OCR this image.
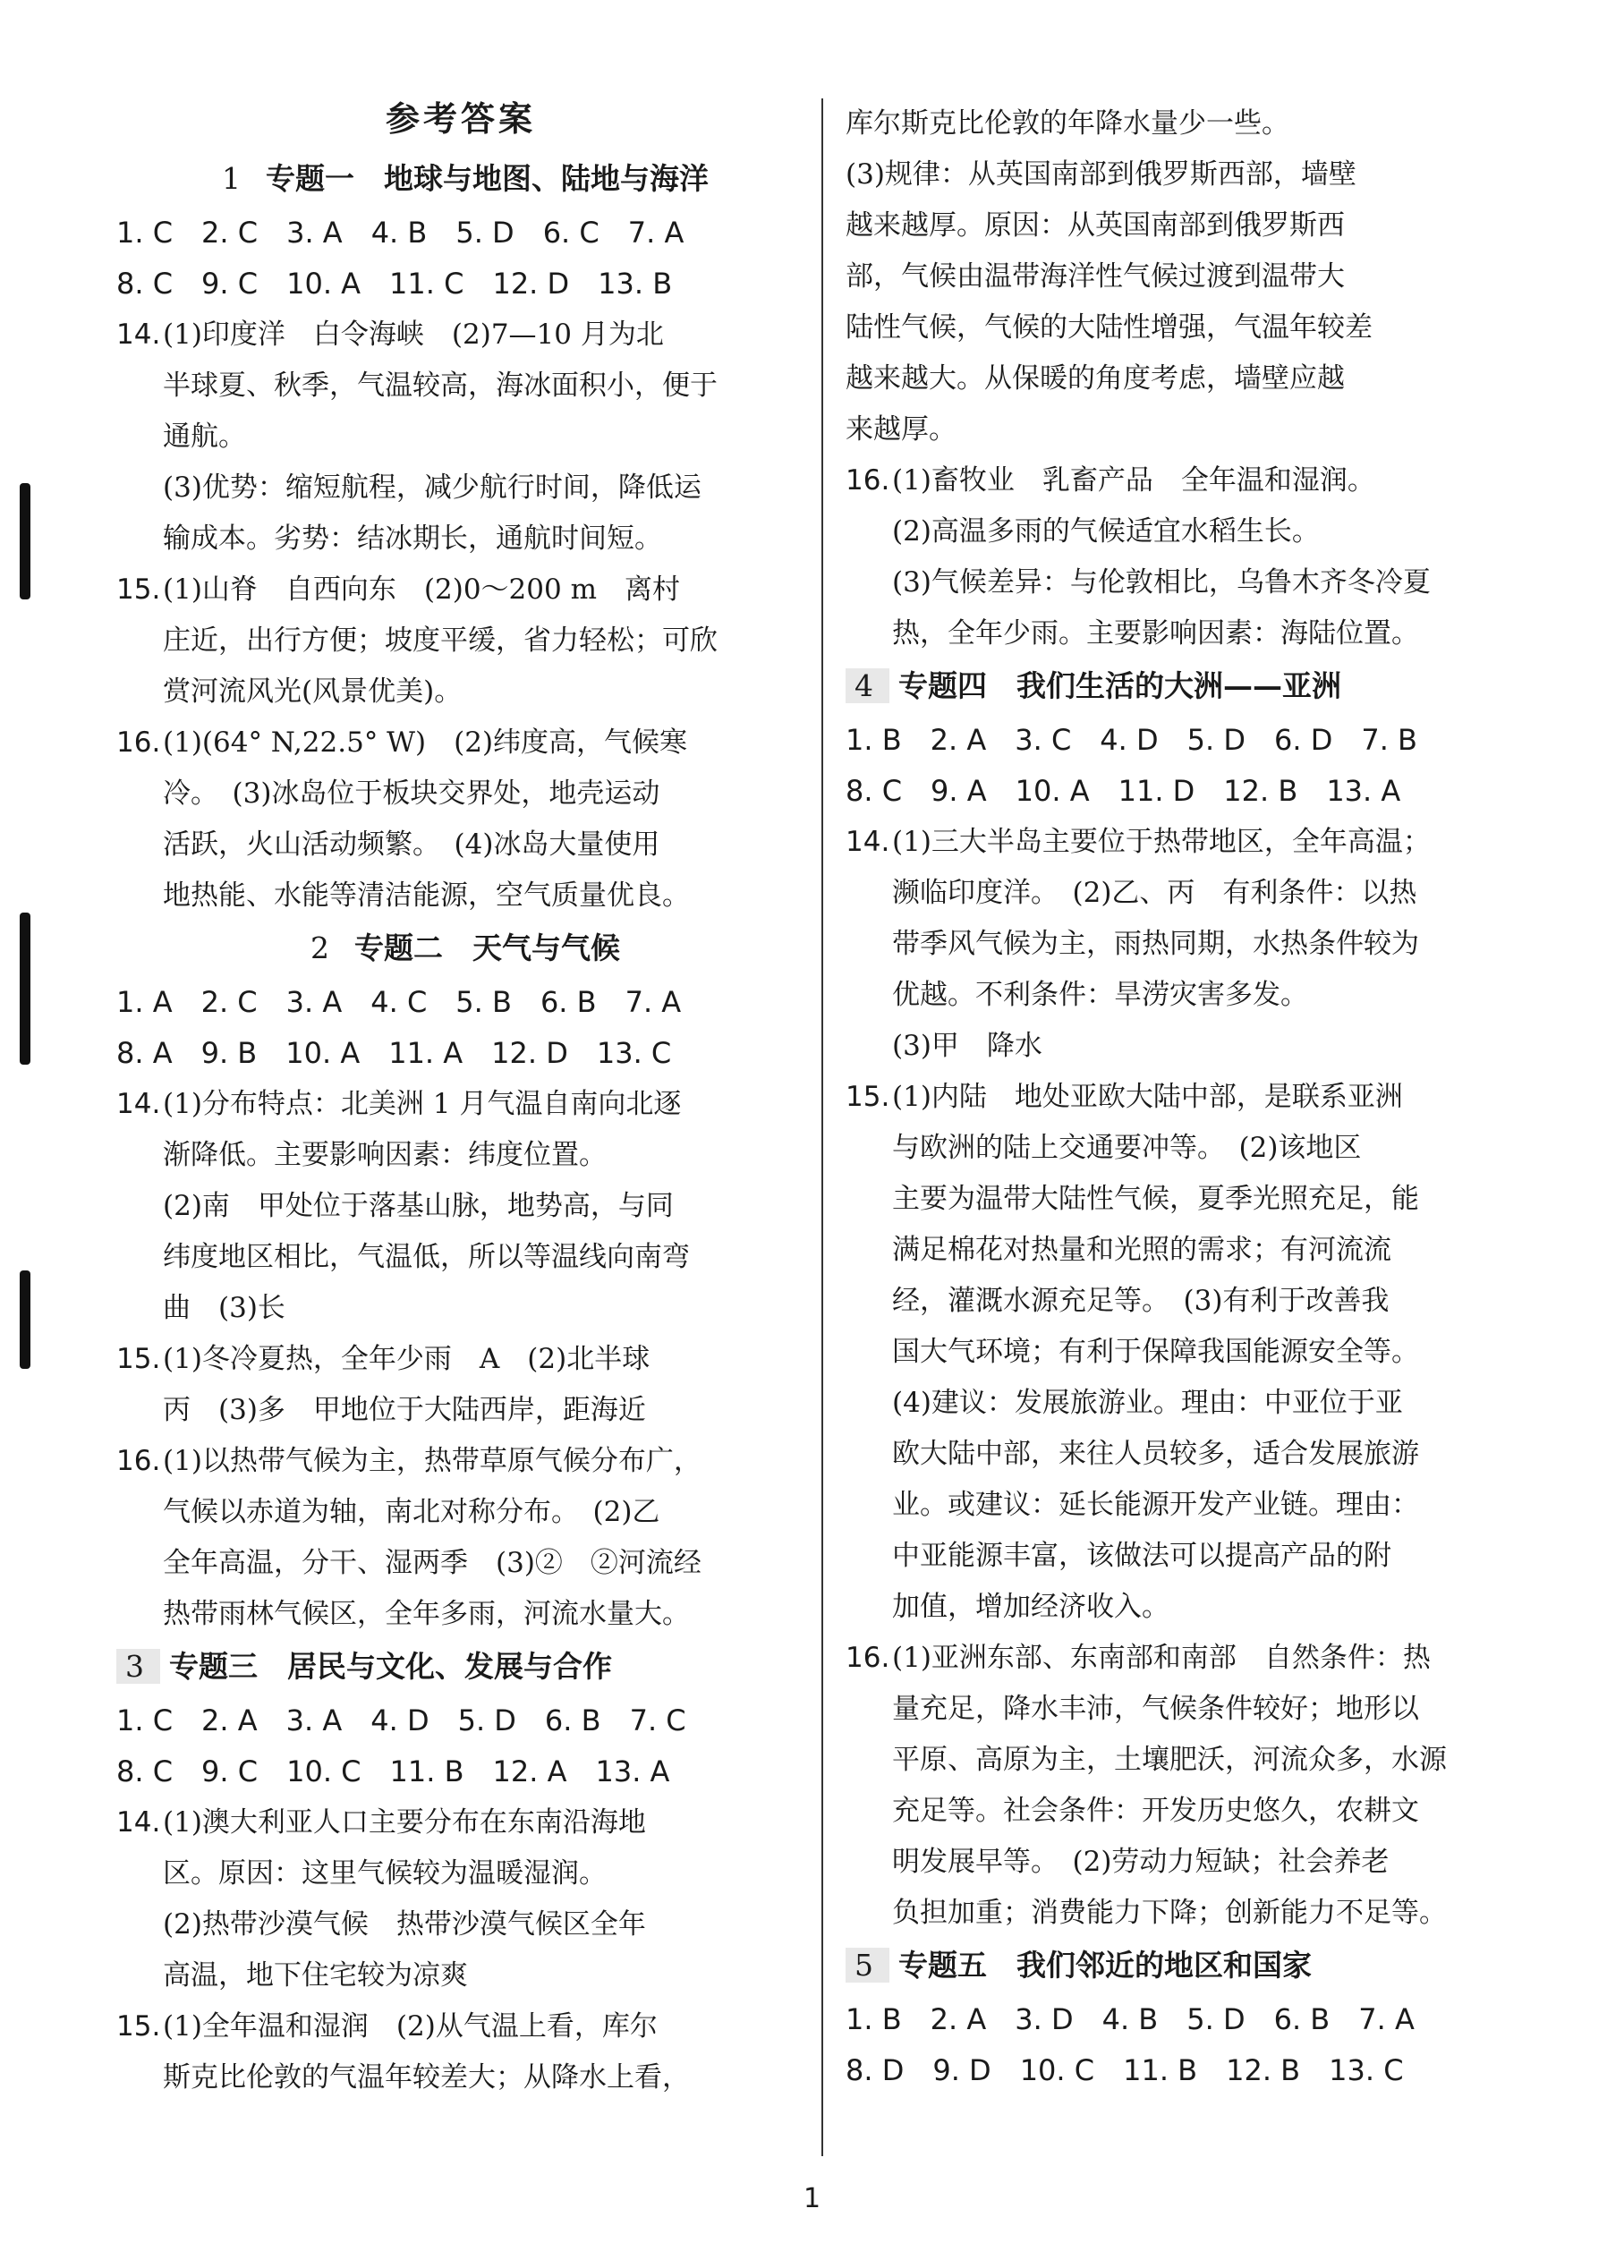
参考答案
1 专题一　地球与地图、陆地与海洋
1. C　2. C　3. A　4. B　5. D　6. C　7. A
8. C　9. C　10. A　11. C　12. D　13. B
14. (1)印度洋　白令海峡　(2)7—10 月为北
半球夏、秋季，气温较高，海冰面积小，便于
通航。
(3)优势：缩短航程，减少航行时间，降低运
输成本。劣势：结冰期长，通航时间短。
15. (1)山脊　自西向东　(2)0～200 m　离村
庄近，出行方便；坡度平缓，省力轻松；可欣
赏河流风光(风景优美)。
16. (1)(64° N,22.5° W)　(2)纬度高，气候寒
冷。　(3)冰岛位于板块交界处，地壳运动
活跃，火山活动频繁。　(4)冰岛大量使用
地热能、水能等清洁能源，空气质量优良。
2 专题二　天气与气候
1. A　2. C　3. A　4. C　5. B　6. B　7. A
8. A　9. B　10. A　11. A　12. D　13. C
14. (1)分布特点：北美洲 1 月气温自南向北逐
渐降低。主要影响因素：纬度位置。
(2)南　甲处位于落基山脉，地势高，与同
纬度地区相比，气温低，所以等温线向南弯
曲　(3)长
15. (1)冬冷夏热，全年少雨　A　(2)北半球
丙　(3)多　甲地位于大陆西岸，距海近
16. (1)以热带气候为主，热带草原气候分布广，
气候以赤道为轴，南北对称分布。　(2)乙
全年高温，分干、湿两季　(3)②　②河流经
热带雨林气候区，全年多雨，河流水量大。
3 专题三　居民与文化、发展与合作
1. C　2. A　3. A　4. D　5. D　6. B　7. C
8. C　9. C　10. C　11. B　12. A　13. A
14. (1)澳大利亚人口主要分布在东南沿海地
区。原因：这里气候较为温暖湿润。
(2)热带沙漠气候　热带沙漠气候区全年
高温，地下住宅较为凉爽
15. (1)全年温和湿润　(2)从气温上看，库尔
斯克比伦敦的气温年较差大；从降水上看，
库尔斯克比伦敦的年降水量少一些。
(3)规律：从英国南部到俄罗斯西部，墙壁
越来越厚。原因：从英国南部到俄罗斯西
部，气候由温带海洋性气候过渡到温带大
陆性气候，气候的大陆性增强，气温年较差
越来越大。从保暖的角度考虑，墙壁应越
来越厚。
16. (1)畜牧业　乳畜产品　全年温和湿润。
(2)高温多雨的气候适宜水稻生长。
(3)气候差异：与伦敦相比，乌鲁木齐冬冷夏
热，全年少雨。主要影响因素：海陆位置。
4 专题四　我们生活的大洲——亚洲
1. B　2. A　3. C　4. D　5. D　6. D　7. B
8. C　9. A　10. A　11. D　12. B　13. A
14. (1)三大半岛主要位于热带地区，全年高温；
濒临印度洋。　(2)乙、丙　有利条件：以热
带季风气候为主，雨热同期，水热条件较为
优越。不利条件：旱涝灾害多发。
(3)甲　降水
15. (1)内陆　地处亚欧大陆中部，是联系亚洲
与欧洲的陆上交通要冲等。　(2)该地区
主要为温带大陆性气候，夏季光照充足，能
满足棉花对热量和光照的需求；有河流流
经，灌溉水源充足等。　(3)有利于改善我
国大气环境；有利于保障我国能源安全等。
(4)建议：发展旅游业。理由：中亚位于亚
欧大陆中部，来往人员较多，适合发展旅游
业。或建议：延长能源开发产业链。理由：
中亚能源丰富，该做法可以提高产品的附
加值，增加经济收入。
16. (1)亚洲东部、东南部和南部　自然条件：热
量充足，降水丰沛，气候条件较好；地形以
平原、高原为主，土壤肥沃，河流众多，水源
充足等。社会条件：开发历史悠久，农耕文
明发展早等。　(2)劳动力短缺；社会养老
负担加重；消费能力下降；创新能力不足等。
5 专题五　我们邻近的地区和国家
1. B　2. A　3. D　4. B　5. D　6. B　7. A
8. D　9. D　10. C　11. B　12. B　13. C
1
